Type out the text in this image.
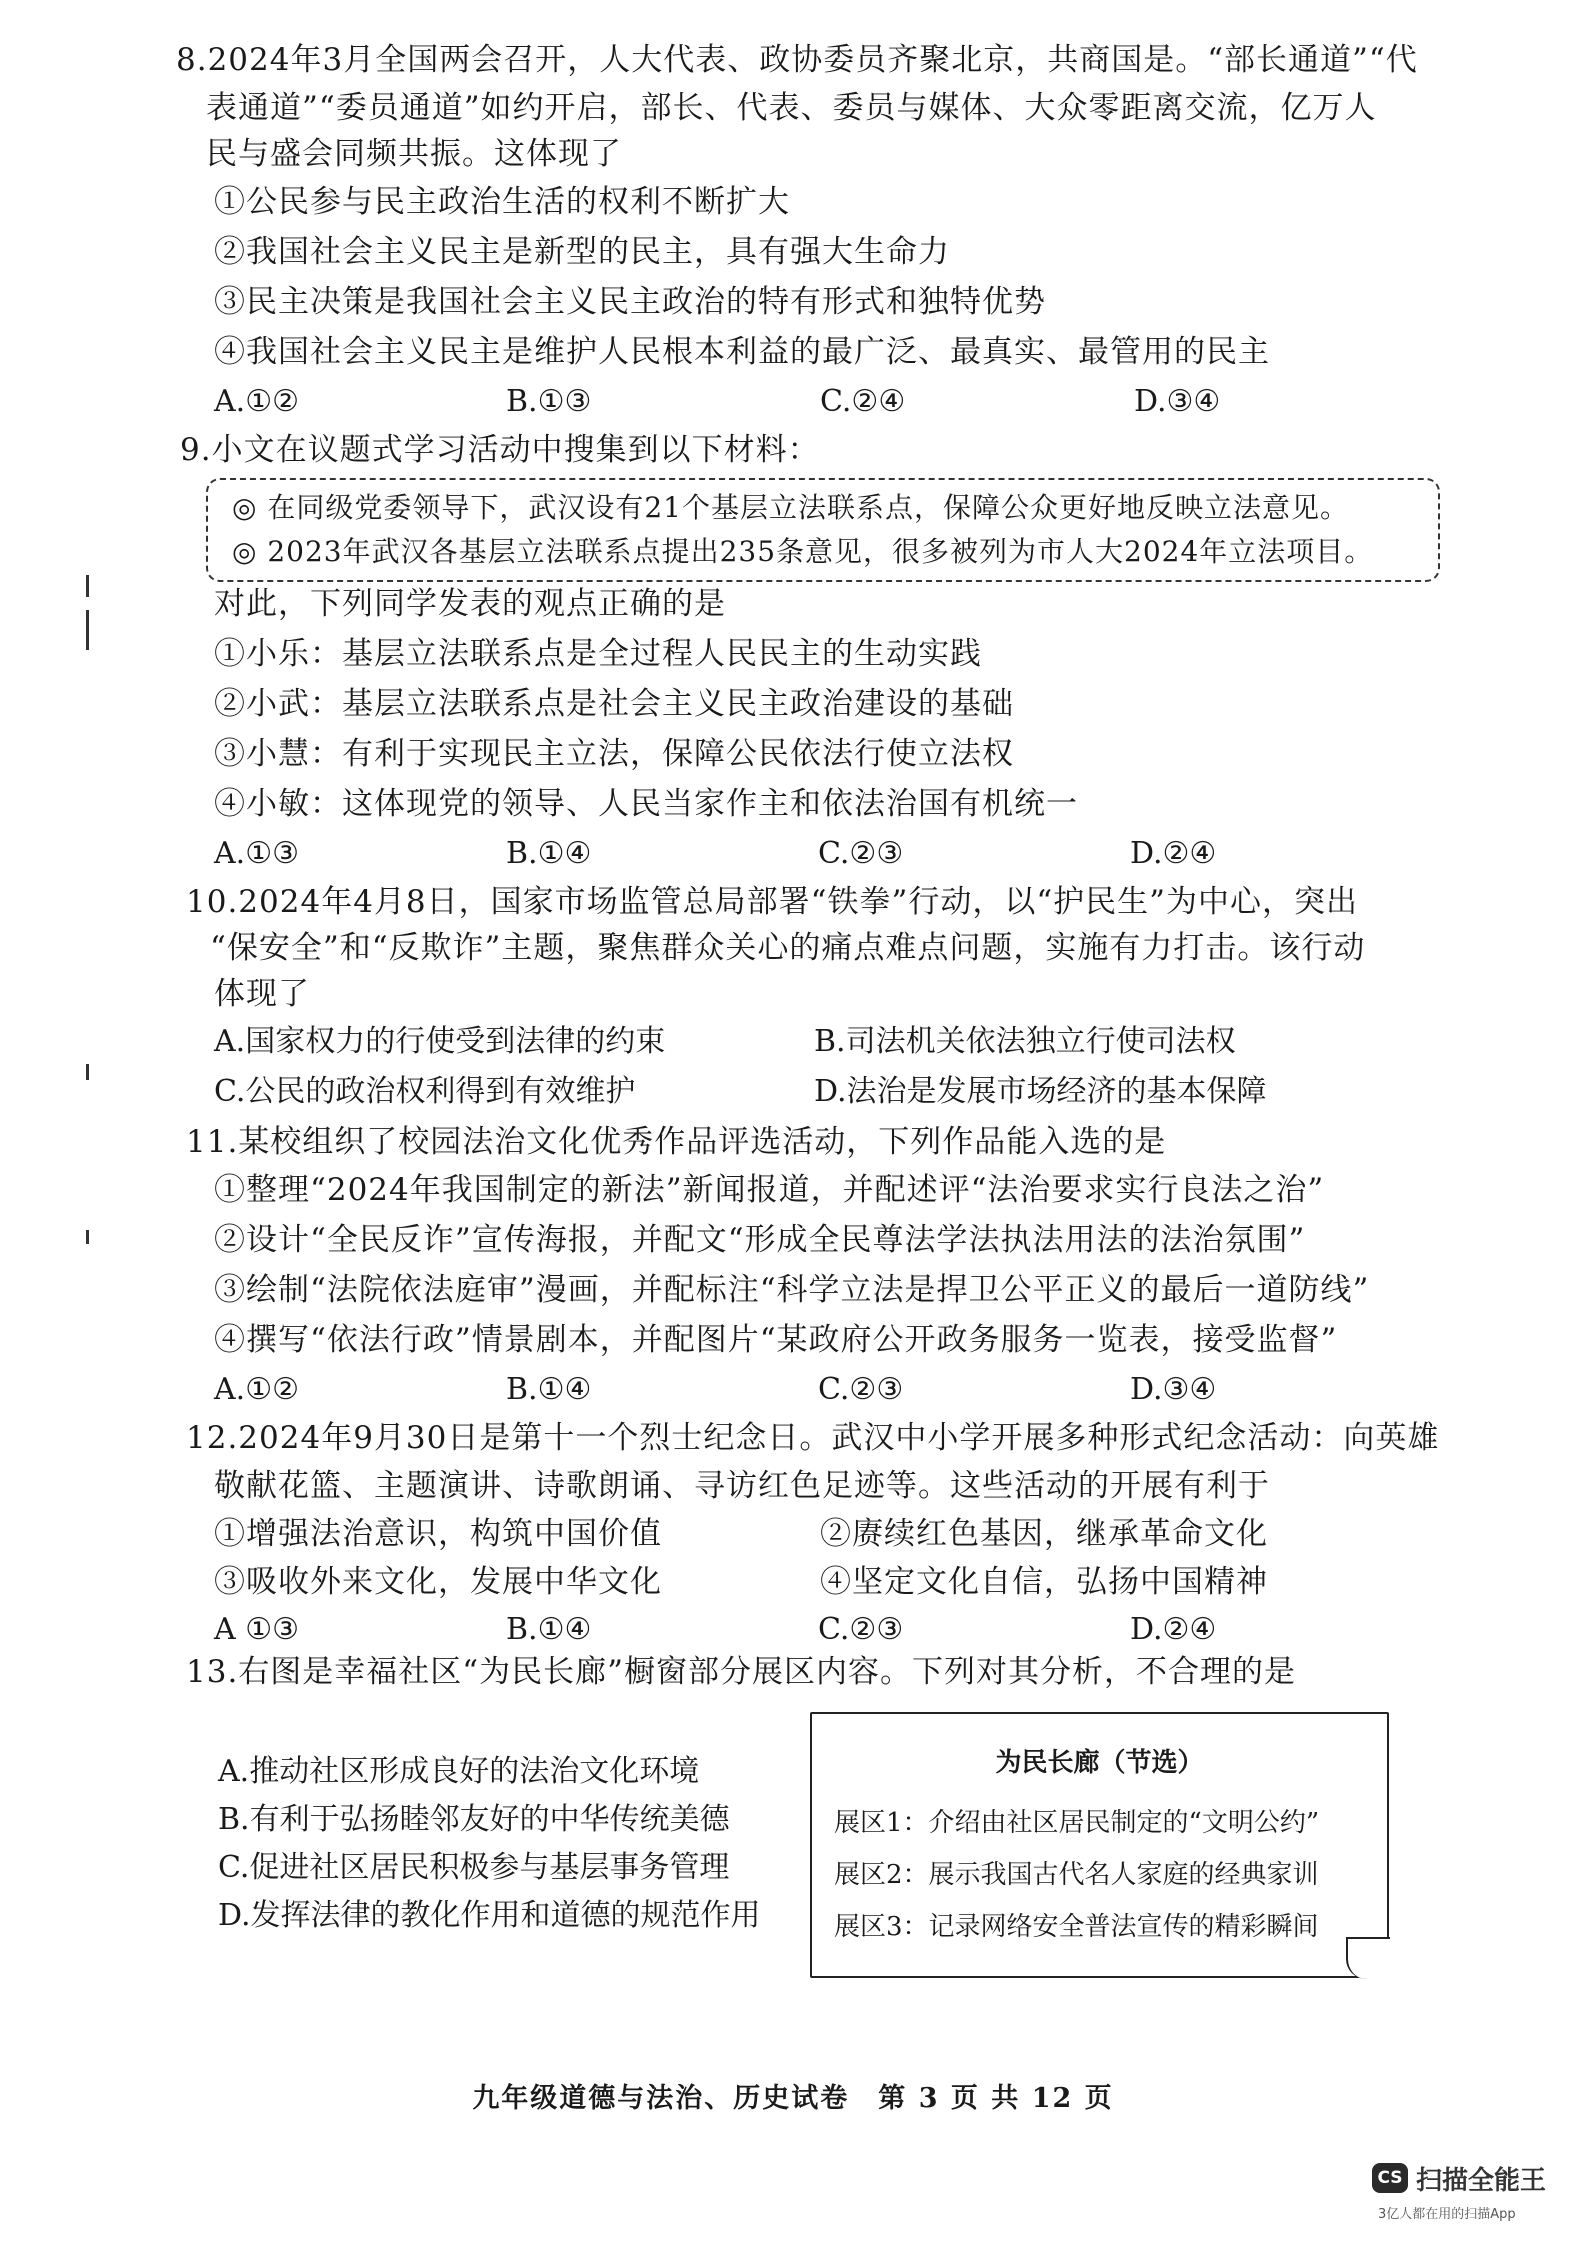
8.2024年3月全国两会召开，人大代表、政协委员齐聚北京，共商国是。“部长通道”“代
表通道”“委员通道”如约开启，部长、代表、委员与媒体、大众零距离交流，亿万人
民与盛会同频共振。这体现了
①公民参与民主政治生活的权利不断扩大
②我国社会主义民主是新型的民主，具有强大生命力
③民主决策是我国社会主义民主政治的特有形式和独特优势
④我国社会主义民主是维护人民根本利益的最广泛、最真实、最管用的民主
A.①②	B.①③	C.②④	D.③④
9.小文在议题式学习活动中搜集到以下材料：
◎ 在同级党委领导下，武汉设有21个基层立法联系点，保障公众更好地反映立法意见。
◎ 2023年武汉各基层立法联系点提出235条意见，很多被列为市人大2024年立法项目。
对此，下列同学发表的观点正确的是
①小乐：基层立法联系点是全过程人民民主的生动实践
②小武：基层立法联系点是社会主义民主政治建设的基础
③小慧：有利于实现民主立法，保障公民依法行使立法权
④小敏：这体现党的领导、人民当家作主和依法治国有机统一
A.①③	B.①④	C.②③	D.②④
10.2024年4月8日，国家市场监管总局部署“铁拳”行动，以“护民生”为中心，突出
“保安全”和“反欺诈”主题，聚焦群众关心的痛点难点问题，实施有力打击。该行动
体现了
A.国家权力的行使受到法律的约束	B.司法机关依法独立行使司法权
C.公民的政治权利得到有效维护	D.法治是发展市场经济的基本保障
11.某校组织了校园法治文化优秀作品评选活动，下列作品能入选的是
①整理“2024年我国制定的新法”新闻报道，并配述评“法治要求实行良法之治”
②设计“全民反诈”宣传海报，并配文“形成全民尊法学法执法用法的法治氛围”
③绘制“法院依法庭审”漫画，并配标注“科学立法是捍卫公平正义的最后一道防线”
④撰写“依法行政”情景剧本，并配图片“某政府公开政务服务一览表，接受监督”
A.①②	B.①④	C.②③	D.③④
12.2024年9月30日是第十一个烈士纪念日。武汉中小学开展多种形式纪念活动：向英雄
敬献花篮、主题演讲、诗歌朗诵、寻访红色足迹等。这些活动的开展有利于
①增强法治意识，构筑中国价值	②赓续红色基因，继承革命文化
③吸收外来文化，发展中华文化	④坚定文化自信，弘扬中国精神
A ①③	B.①④	C.②③	D.②④
13.右图是幸福社区“为民长廊”橱窗部分展区内容。下列对其分析，不合理的是
A.推动社区形成良好的法治文化环境
B.有利于弘扬睦邻友好的中华传统美德
C.促进社区居民积极参与基层事务管理
D.发挥法律的教化作用和道德的规范作用
为民长廊（节选）
展区1：介绍由社区居民制定的“文明公约”
展区2：展示我国古代名人家庭的经典家训
展区3：记录网络安全普法宣传的精彩瞬间
九年级道德与法治、历史试卷　第 3 页 共 12 页
CS 扫描全能王
3亿人都在用的扫描App
